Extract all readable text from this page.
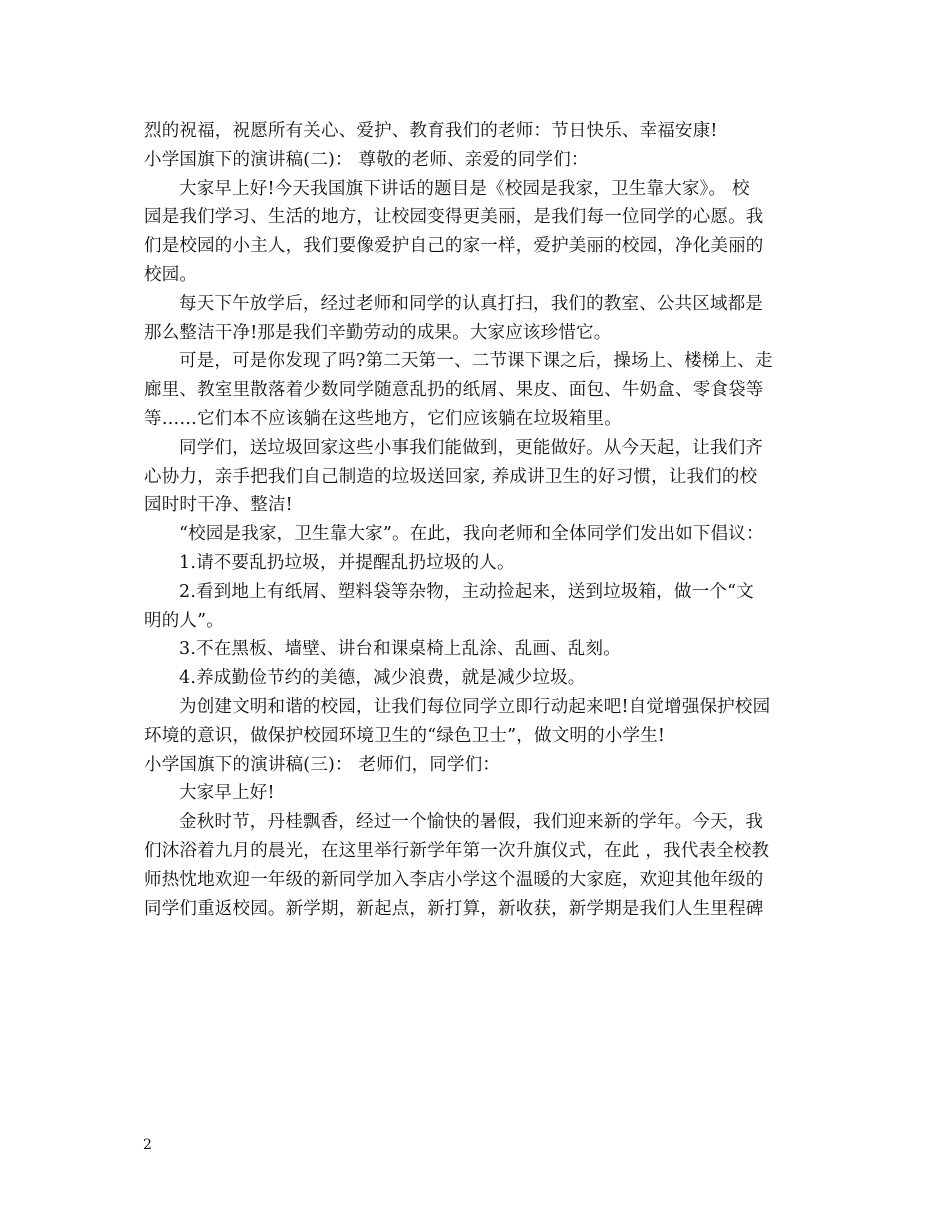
烈的祝福，祝愿所有关心、爱护、教育我们的老师：节日快乐、幸福安康!
小学国旗下的演讲稿(二)： 尊敬的老师、亲爱的同学们：
大家早上好!今天我国旗下讲话的题目是《校园是我家，卫生靠大家》。 校
园是我们学习、生活的地方，让校园变得更美丽，是我们每一位同学的心愿。我
们是校园的小主人，我们要像爱护自己的家一样，爱护美丽的校园，净化美丽的
校园。
每天下午放学后，经过老师和同学的认真打扫，我们的教室、公共区域都是
那么整洁干净!那是我们辛勤劳动的成果。大家应该珍惜它。
可是，可是你发现了吗?第二天第一、二节课下课之后，操场上、楼梯上、走
廊里、教室里散落着少数同学随意乱扔的纸屑、果皮、面包、牛奶盒、零食袋等
等……它们本不应该躺在这些地方，它们应该躺在垃圾箱里。
同学们，送垃圾回家这些小事我们能做到，更能做好。从今天起，让我们齐
心协力，亲手把我们自己制造的垃圾送回家, 养成讲卫生的好习惯，让我们的校
园时时干净、整洁!
“校园是我家，卫生靠大家”。在此，我向老师和全体同学们发出如下倡议：
1.请不要乱扔垃圾，并提醒乱扔垃圾的人。
2.看到地上有纸屑、塑料袋等杂物，主动捡起来，送到垃圾箱，做一个“文
明的人”。
3.不在黑板、墙壁、讲台和课桌椅上乱涂、乱画、乱刻。
4.养成勤俭节约的美德，减少浪费，就是减少垃圾。
为创建文明和谐的校园，让我们每位同学立即行动起来吧!自觉增强保护校园
环境的意识，做保护校园环境卫生的“绿色卫士”，做文明的小学生!
小学国旗下的演讲稿(三)： 老师们，同学们：
大家早上好!
金秋时节，丹桂飘香，经过一个愉快的暑假，我们迎来新的学年。今天，我
们沐浴着九月的晨光，在这里举行新学年第一次升旗仪式，在此 ，我代表全校教
师热忱地欢迎一年级的新同学加入李店小学这个温暖的大家庭，欢迎其他年级的
同学们重返校园。新学期，新起点，新打算，新收获，新学期是我们人生里程碑
2
